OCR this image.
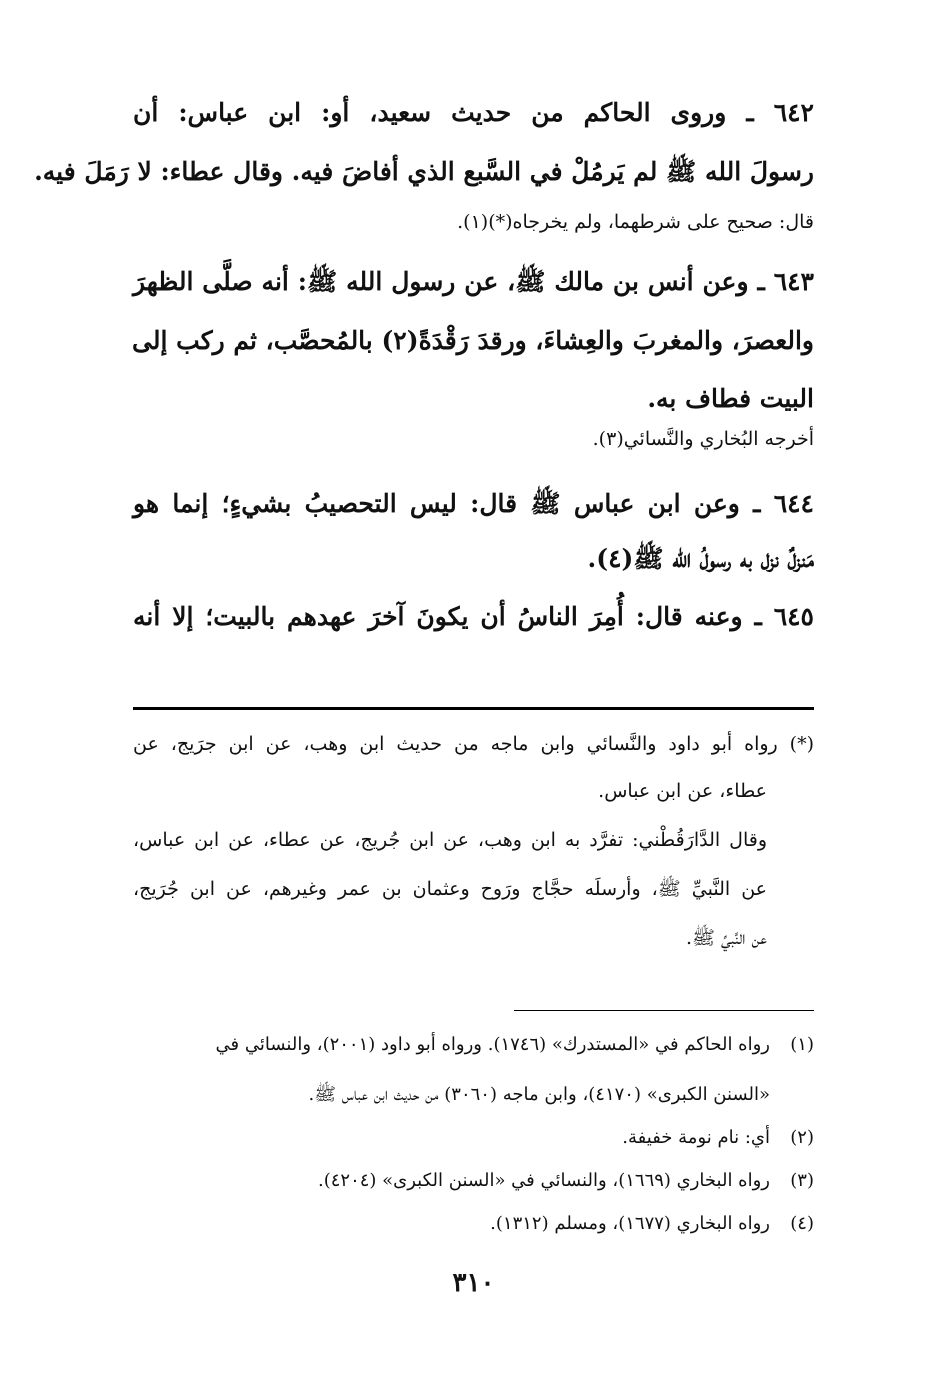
٦٤٢ ـ وروى الحاكم من حديث سعيد، أو: ابن عباس: أن
رسولَ الله ﷺ لم يَرمُلْ في السَّبع الذي أفاضَ فيه. وقال عطاء: لا رَمَلَ فيه.
قال: صحيح على شرطهما، ولم يخرجاه(*)(١).
٦٤٣ ـ وعن أنس بن مالك ﷺ، عن رسول الله ﷺ: أنه صلَّى الظهرَ
والعصرَ، والمغربَ والعِشاءَ، ورقدَ رَقْدَةً(٢) بالمُحصَّب، ثم ركب إلى
البيت فطاف به.
أخرجه البُخاري والنَّسائي(٣).
٦٤٤ ـ وعن ابن عباس ﷺ قال: ليس التحصيبُ بشيءٍ؛ إنما هو
مَنزلٌ نزل به رسولُ الله ﷺ(٤).
٦٤٥ ـ وعنه قال: أُمِرَ الناسُ أن يكونَ آخرَ عهدهم بالبيت؛ إلا أنه
(*) رواه أبو داود والنَّسائي وابن ماجه من حديث ابن وهب، عن ابن جرَيج، عن
عطاء، عن ابن عباس.
وقال الدَّارَقُطْني: تفرَّد به ابن وهب، عن ابن جُريج، عن عطاء، عن ابن عباس،
عن النَّبيِّ ﷺ، وأرسلَه حجَّاج ورَوح وعثمان بن عمر وغيرهم، عن ابن جُرَيج،
عن النَّبيِّ ﷺ.
(١)رواه الحاكم في «المستدرك» (١٧٤٦). ورواه أبو داود (٢٠٠١)، والنسائي في
«السنن الكبرى» (٤١٧٠)، وابن ماجه (٣٠٦٠) من حديث ابن عباس ﷺ.
(٢)أي: نام نومة خفيفة.
(٣)رواه البخاري (١٦٦٩)، والنسائي في «السنن الكبرى» (٤٢٠٤).
(٤)رواه البخاري (١٦٧٧)، ومسلم (١٣١٢).
٣١٠
